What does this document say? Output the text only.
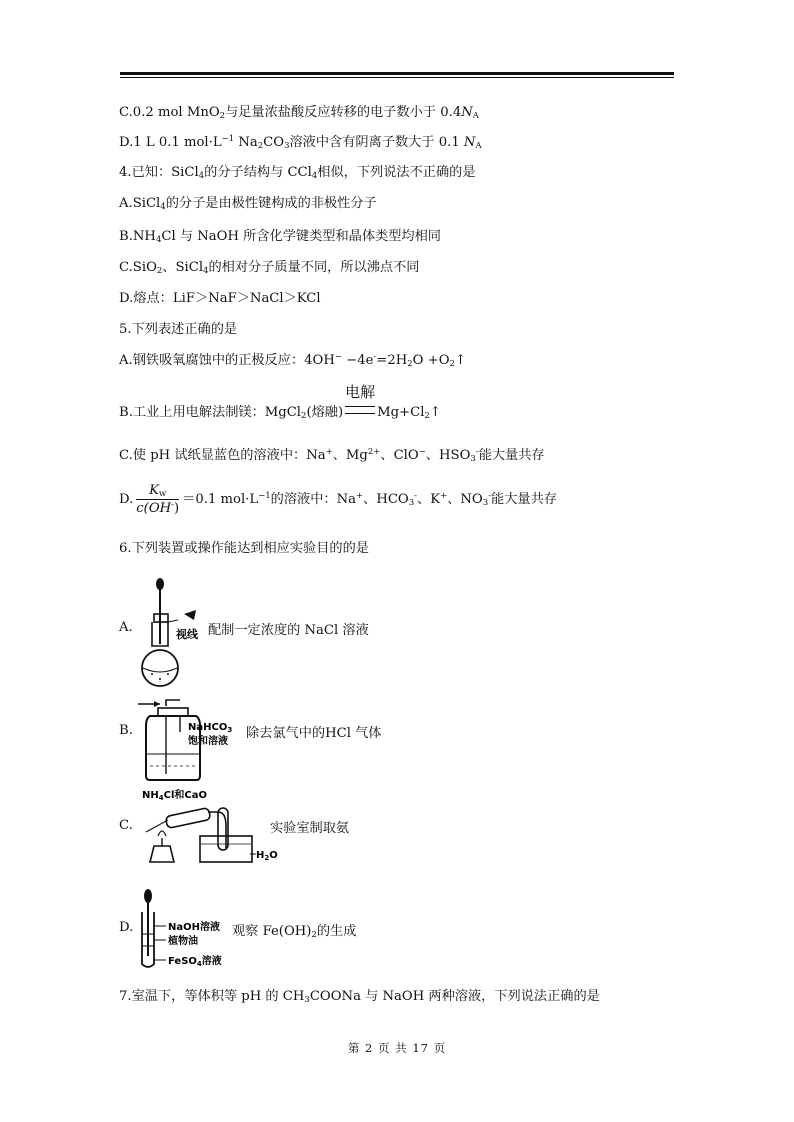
C.0.2 mol MnO$_2$与足量浓盐酸反应转移的电子数小于 $0.4N_A$
D.1 L 0.1 $mol\cdot L^{-1}$ $Na_2CO_3$溶液中含有阴离子数大于 0.1 $N_A$
4.已知：SiCl$_4$的分子结构与 CCl$_4$相似，下列说法不正确的是
A.SiCl$_4$的分子是由极性键构成的非极性分子
$B.NH_4Cl$ 与 NaOH 所含化学键类型和晶体类型均相同
C.SiO$_2$、SiCl$_4$的相对分子质量不同，所以沸点不同
D.熔点：LiF＞NaF＞NaCl＞KCl
5.下列表述正确的是
A.钢铁吸氧腐蚀中的正极反应：$4OH^- -4e^-=2H_2O$ $+O_2↑$
B.工业上用电解法制镁：MgCl$_2$(熔融)
电解
$Mg+Cl_2↑$
C.使 pH 试纸显蓝色的溶液中：Na+、$Mg^{2+}$、ClO−、$HSO_3^-$能大量共存
D. $\frac{K_w}{c(OH^-)} =0.1$ $mol\cdot L^{-1}$的溶液中：Na+、$HCO_3^-$、K+、$NO_3^-$能大量共存
6.下列装置或操作能达到相应实验目的的是
A.	视线 配制一定浓度的 NaCl 溶液
B.	NaHCO$_3$
饱和溶液
除去氯气中的HCl 气体
C.
$NH_4Cl$和CaO
$H_2O$
实验室制取氨
D.	NaOH溶液
植物油
FeSO$_4$溶液
观察 $Fe(OH)_2$的生成
7.室温下，等体积等 pH 的 $CH_3COONa$ 与 NaOH 两种溶液，下列说法正确的是
第 2 页 共 17 页
